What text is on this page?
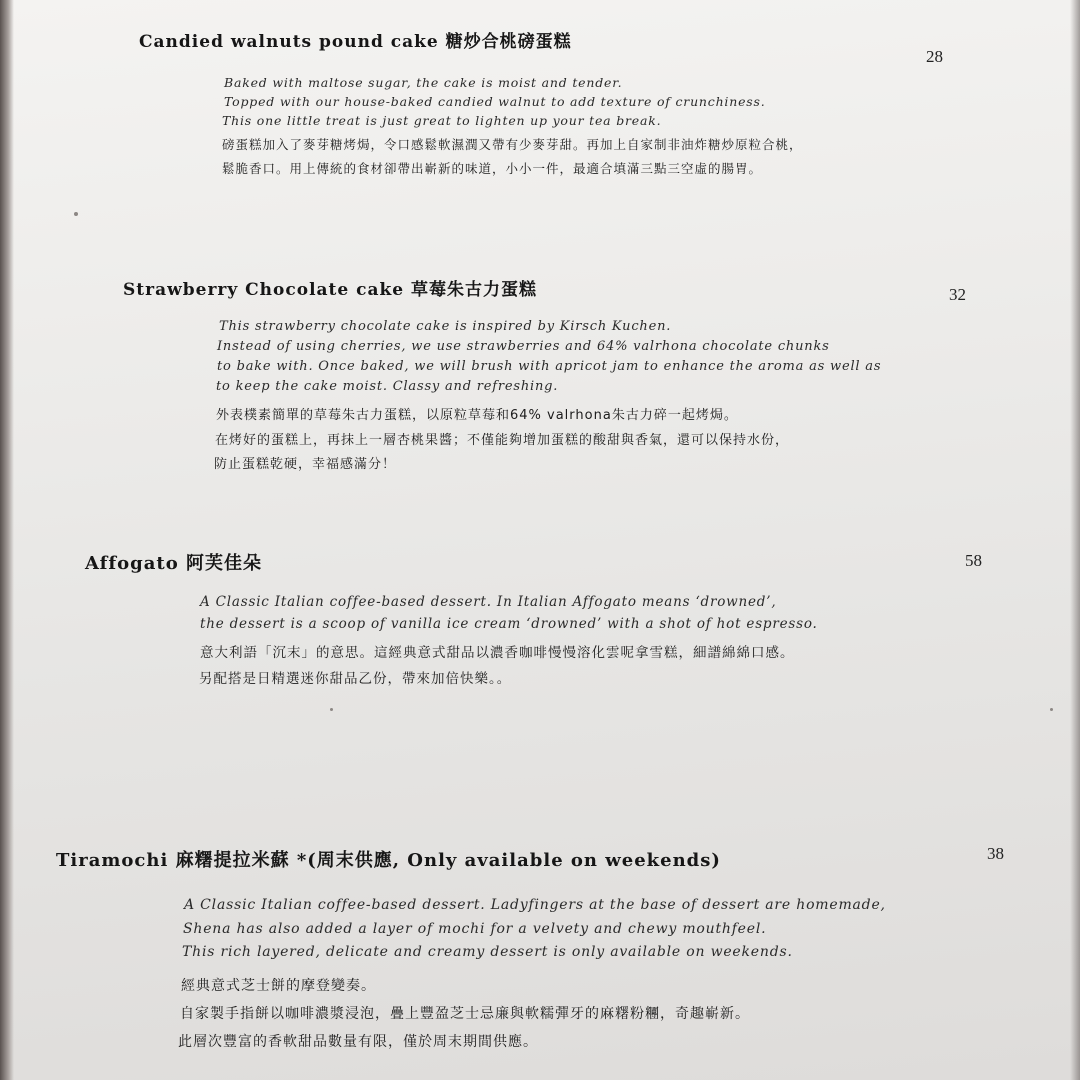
Candied walnuts pound cake 糖炒合桃磅蛋糕
28
Baked with maltose sugar, the cake is moist and tender.
Topped with our house-baked candied walnut to add texture of crunchiness.
This one little treat is just great to lighten up your tea break.
磅蛋糕加入了麥芽糖烤焗，令口感鬆軟濕潤又帶有少麥芽甜。再加上自家制非油炸糖炒原粒合桃，
鬆脆香口。用上傳統的食材卻帶出嶄新的味道，小小一件，最適合填滿三點三空虛的腸胃。
Strawberry Chocolate cake 草莓朱古力蛋糕	32
This strawberry chocolate cake is inspired by Kirsch Kuchen.
Instead of using cherries, we use strawberries and 64% valrhona chocolate chunks
to bake with. Once baked, we will brush with apricot jam to enhance the aroma as well as
to keep the cake moist. Classy and refreshing.
外表樸素簡單的草莓朱古力蛋糕，以原粒草莓和64% valrhona朱古力碎一起烤焗。
在烤好的蛋糕上，再抹上一層杏桃果醬；不僅能夠增加蛋糕的酸甜與香氣，還可以保持水份，
防止蛋糕乾硬，幸福感滿分！
Affogato 阿芙佳朵	58
A Classic Italian coffee-based dessert. In Italian Affogato means ‘drowned’,
the dessert is a scoop of vanilla ice cream ‘drowned’ with a shot of hot espresso.
意大利語「沉末」的意思。這經典意式甜品以濃香咖啡慢慢溶化雲呢拿雪糕，細譜綿綿口感。
另配搭是日精選迷你甜品乙份，帶來加倍快樂。。
Tiramochi 麻糬提拉米蘇 *(周末供應, Only available on weekends)	38
A Classic Italian coffee-based dessert. Ladyfingers at the base of dessert are homemade,
Shena has also added a layer of mochi for a velvety and chewy mouthfeel.
This rich layered, delicate and creamy dessert is only available on weekends.
經典意式芝士餅的摩登變奏。
自家製手指餅以咖啡濃漿浸泡，疊上豐盈芝士忌廉與軟糯彈牙的麻糬粉糰，奇趣嶄新。
此層次豐富的香軟甜品數量有限，僅於周末期間供應。
